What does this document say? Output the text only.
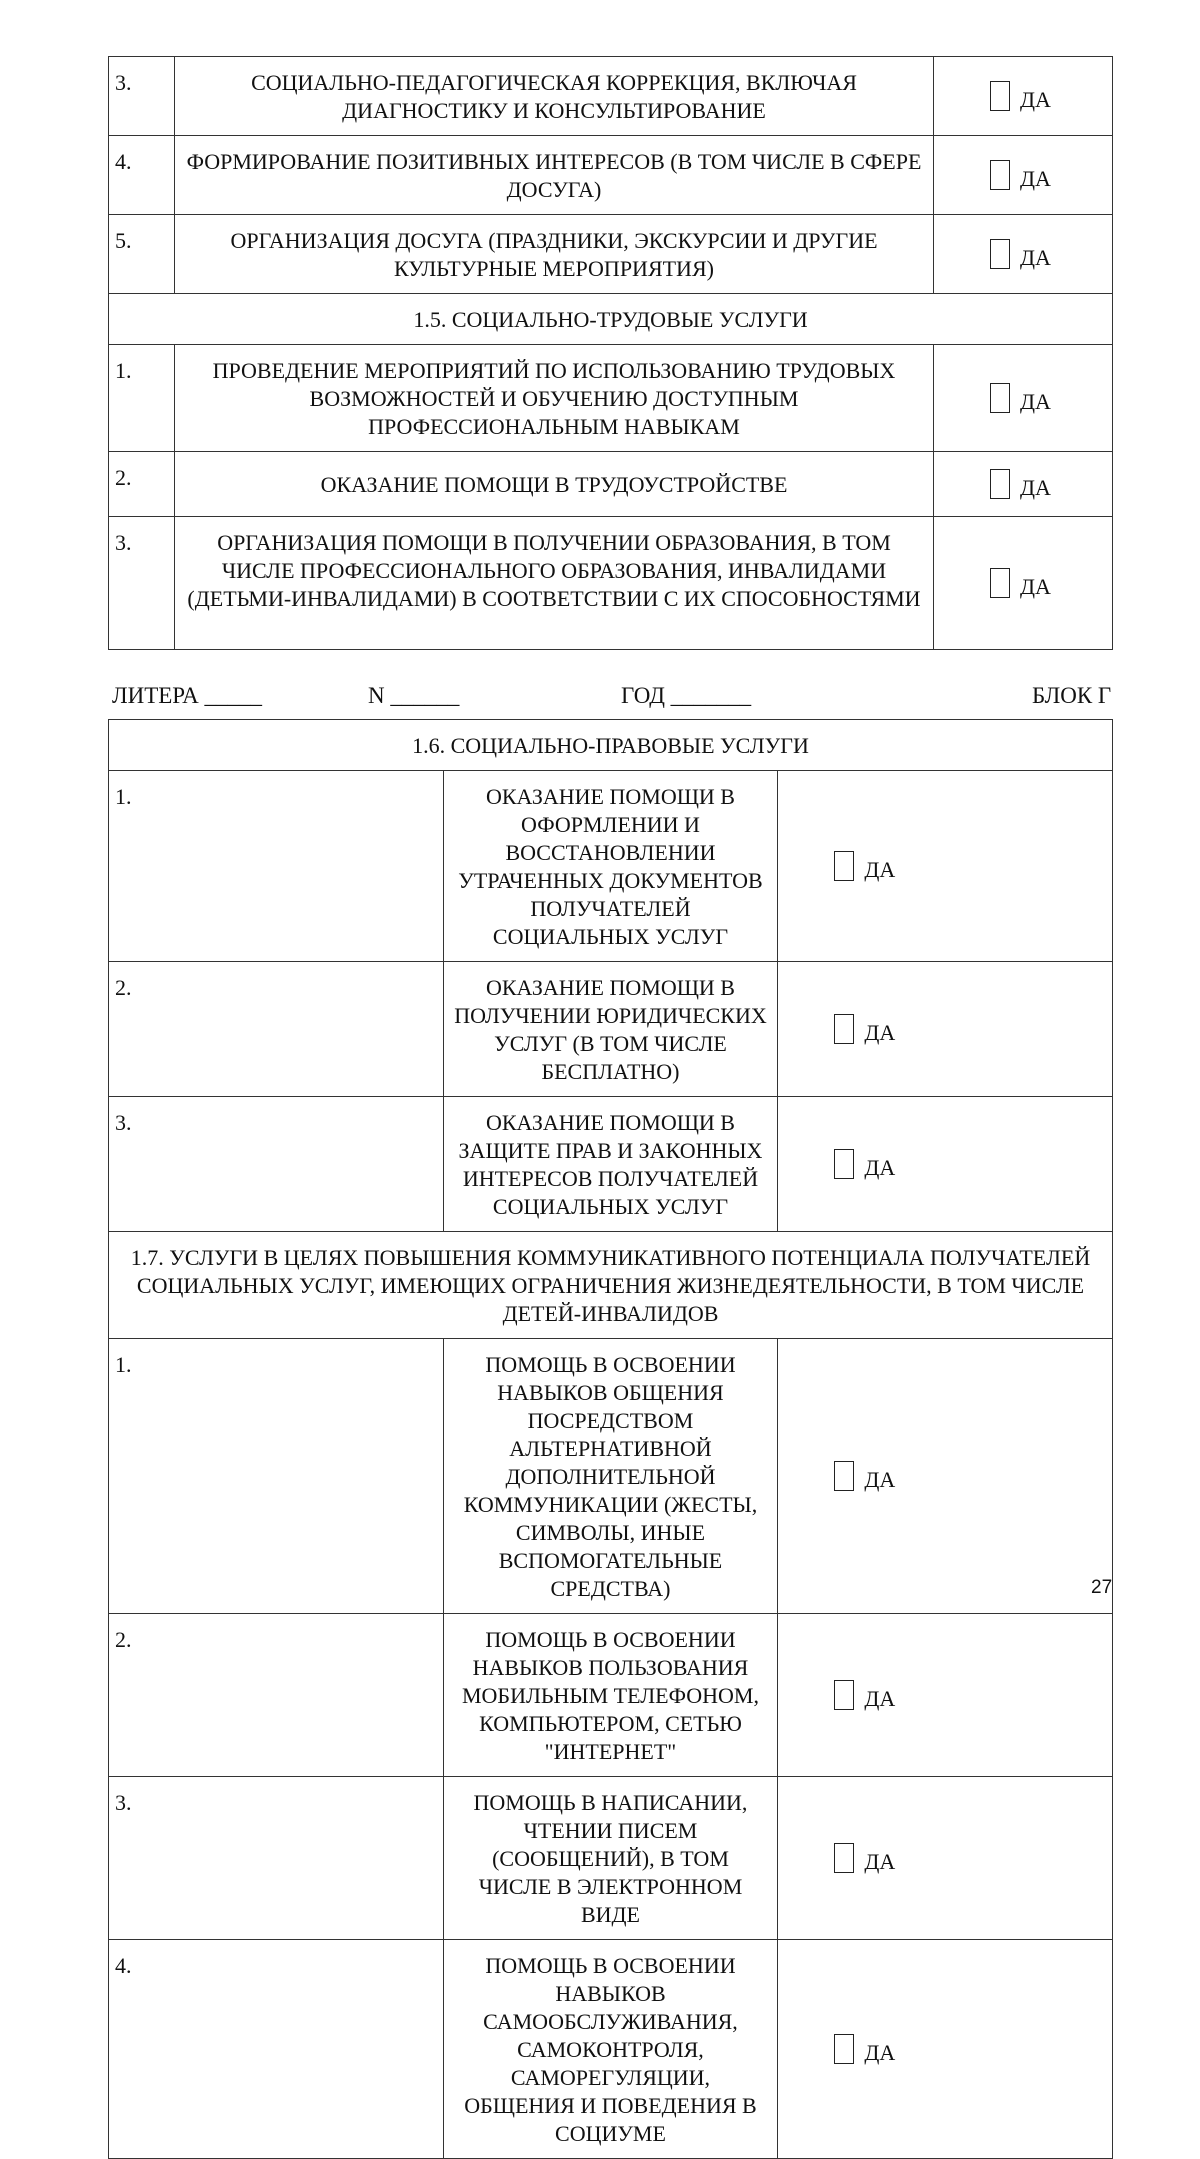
3.	СОЦИАЛЬНО-ПЕДАГОГИЧЕСКАЯ КОРРЕКЦИЯ, ВКЛЮЧАЯ ДИАГНОСТИКУ И КОНСУЛЬТИРОВАНИЕ	ДА

4.	ФОРМИРОВАНИЕ ПОЗИТИВНЫХ ИНТЕРЕСОВ (В ТОМ ЧИСЛЕ В СФЕРЕ ДОСУГА)	ДА

5.	ОРГАНИЗАЦИЯ ДОСУГА (ПРАЗДНИКИ, ЭКСКУРСИИ И ДРУГИЕ КУЛЬТУРНЫЕ МЕРОПРИЯТИЯ)	ДА

1.5. СОЦИАЛЬНО-ТРУДОВЫЕ УСЛУГИ		
1.	ПРОВЕДЕНИЕ МЕРОПРИЯТИЙ ПО ИСПОЛЬЗОВАНИЮ ТРУДОВЫХ ВОЗМОЖНОСТЕЙ И ОБУЧЕНИЮ ДОСТУПНЫМ ПРОФЕССИОНАЛЬНЫМ НАВЫКАМ	ДА

2.	ОКАЗАНИЕ ПОМОЩИ В ТРУДОУСТРОЙСТВЕ	ДА

3.	ОРГАНИЗАЦИЯ ПОМОЩИ В ПОЛУЧЕНИИ ОБРАЗОВАНИЯ, В ТОМ ЧИСЛЕ ПРОФЕССИОНАЛЬНОГО ОБРАЗОВАНИЯ, ИНВАЛИДАМИ (ДЕТЬМИ-ИНВАЛИДАМИ) В СООТВЕТСТВИИ С ИХ СПОСОБНОСТЯМИ	ДА
ЛИТЕРА _____	N ______	ГОД _______	БЛОК Г
1.6. СОЦИАЛЬНО-ПРАВОВЫЕ УСЛУГИ		
1.	ОКАЗАНИЕ ПОМОЩИ В ОФОРМЛЕНИИ И ВОССТАНОВЛЕНИИ УТРАЧЕННЫХ ДОКУМЕНТОВ ПОЛУЧАТЕЛЕЙ СОЦИАЛЬНЫХ УСЛУГ	ДА

2.	ОКАЗАНИЕ ПОМОЩИ В ПОЛУЧЕНИИ ЮРИДИЧЕСКИХ УСЛУГ (В ТОМ ЧИСЛЕ БЕСПЛАТНО)	ДА

3.	ОКАЗАНИЕ ПОМОЩИ В ЗАЩИТЕ ПРАВ И ЗАКОННЫХ ИНТЕРЕСОВ ПОЛУЧАТЕЛЕЙ СОЦИАЛЬНЫХ УСЛУГ	ДА

1.7. УСЛУГИ В ЦЕЛЯХ ПОВЫШЕНИЯ КОММУНИКАТИВНОГО ПОТЕНЦИАЛА ПОЛУЧАТЕЛЕЙ СОЦИАЛЬНЫХ УСЛУГ, ИМЕЮЩИХ ОГРАНИЧЕНИЯ ЖИЗНЕДЕЯТЕЛЬНОСТИ, В ТОМ ЧИСЛЕ ДЕТЕЙ-ИНВАЛИДОВ		
1.	ПОМОЩЬ В ОСВОЕНИИ НАВЫКОВ ОБЩЕНИЯ ПОСРЕДСТВОМ АЛЬТЕРНАТИВНОЙ ДОПОЛНИТЕЛЬНОЙ КОММУНИКАЦИИ (ЖЕСТЫ, СИМВОЛЫ, ИНЫЕ ВСПОМОГАТЕЛЬНЫЕ СРЕДСТВА)	ДА

2.	ПОМОЩЬ В ОСВОЕНИИ НАВЫКОВ ПОЛЬЗОВАНИЯ МОБИЛЬНЫМ ТЕЛЕФОНОМ, КОМПЬЮТЕРОМ, СЕТЬЮ "ИНТЕРНЕТ"	ДА

3.	ПОМОЩЬ В НАПИСАНИИ, ЧТЕНИИ ПИСЕМ (СООБЩЕНИЙ), В ТОМ ЧИСЛЕ В ЭЛЕКТРОННОМ ВИДЕ	ДА

4.	ПОМОЩЬ В ОСВОЕНИИ НАВЫКОВ САМООБСЛУЖИВАНИЯ, САМОКОНТРОЛЯ, САМОРЕГУЛЯЦИИ, ОБЩЕНИЯ И ПОВЕДЕНИЯ В СОЦИУМЕ	ДА
27
